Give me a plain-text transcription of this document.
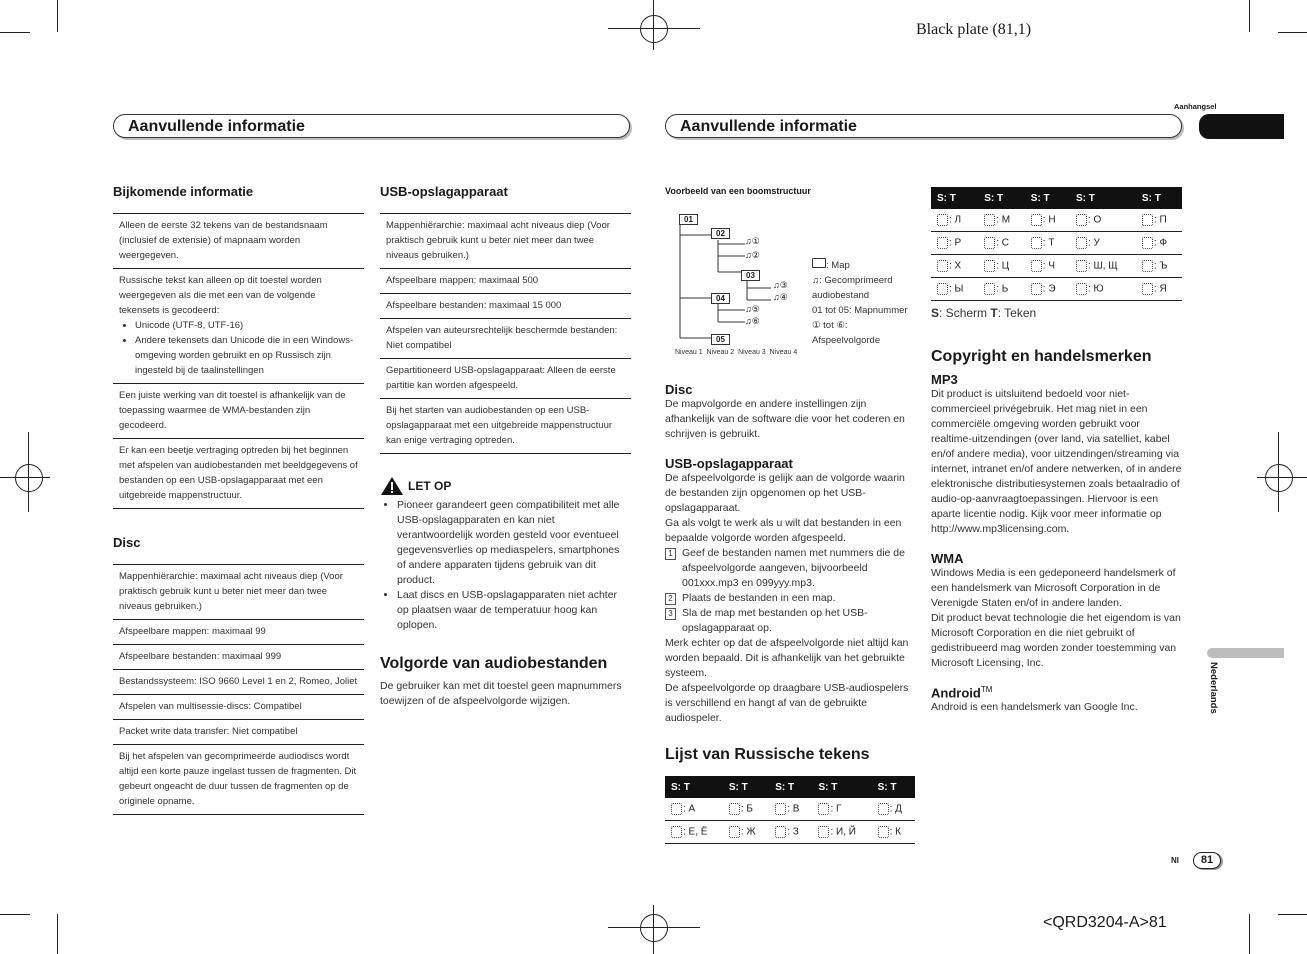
Black plate (81,1)
Aanhangsel
Aanvullende informatie	Aanvullende informatie
Bijkomende informatie
Alleen de eerste 32 tekens van de bestandsnaam (inclusief de extensie) of mapnaam worden weergegeven.
Russische tekst kan alleen op dit toestel worden weergegeven als die met een van de volgende tekensets is gecodeerd:
• Unicode (UTF-8, UTF-16)
• Andere tekensets dan Unicode die in een Windows-omgeving worden gebruikt en op Russisch zijn ingesteld bij de taalinstellingen
Een juiste werking van dit toestel is afhankelijk van de toepassing waarmee de WMA-bestanden zijn gecodeerd.
Er kan een beetje vertraging optreden bij het beginnen met afspelen van audiobestanden met beeldgegevens of bestanden op een USB-opslagapparaat met een uitgebreide mappenstructuur.
Disc
Mappenhiërarchie: maximaal acht niveaus diep (Voor praktisch gebruik kunt u beter niet meer dan twee niveaus gebruiken.)
Afspeelbare mappen: maximaal 99
Afspeelbare bestanden: maximaal 999
Bestandssysteem: ISO 9660 Level 1 en 2, Romeo, Joliet
Afspelen van multisessie-discs: Compatibel
Packet write data transfer: Niet compatibel
Bij het afspelen van gecomprimeerde audiodiscs wordt altijd een korte pauze ingelast tussen de fragmenten. Dit gebeurt ongeacht de duur tussen de fragmenten op de originele opname.
USB-opslagapparaat
Mappenhiërarchie: maximaal acht niveaus diep (Voor praktisch gebruik kunt u beter niet meer dan twee niveaus gebruiken.)
Afspeelbare mappen: maximaal 500
Afspeelbare bestanden: maximaal 15 000
Afspelen van auteursrechtelijk beschermde bestanden: Niet compatibel
Gepartitioneerd USB-opslagapparaat: Alleen de eerste partitie kan worden afgespeeld.
Bij het starten van audiobestanden op een USB-opslagapparaat met een uitgebreide mappenstructuur kan enige vertraging optreden.
LET OP
• Pioneer garandeert geen compatibiliteit met alle USB-opslagapparaten en kan niet verantwoordelijk worden gesteld voor eventueel gegevensverlies op mediaspelers, smartphones of andere apparaten tijdens gebruik van dit product.
• Laat discs en USB-opslagapparaten niet achter op plaatsen waar de temperatuur hoog kan oplopen.
Volgorde van audiobestanden
De gebruiker kan met dit toestel geen mapnummers toewijzen of de afspeelvolgorde wijzigen.
Voorbeeld van een boomstructuur
01
02
03
04
05
♫①
♫②
♫③
♫④
♫⑤
♫⑥
Niveau 1 Niveau 2 Niveau 3 Niveau 4
: Map
♫: Gecomprimeerd audiobestand
01 tot 05: Mapnummer
① tot ⑥: Afspeelvolgorde
Disc
De mapvolgorde en andere instellingen zijn afhankelijk van de software die voor het coderen en schrijven is gebruikt.
USB-opslagapparaat

De afspeelvolgorde is gelijk aan de volgorde waarin de bestanden zijn opgenomen op het USB-opslagapparaat.

Ga als volgt te werk als u wilt dat bestanden in een bepaalde volgorde worden afgespeeld.

1 Geef de bestanden namen met nummers die de afspeelvolgorde aangeven, bijvoorbeeld 001xxx.mp3 en 099yyy.mp3.
2 Plaats de bestanden in een map.
3 Sla de map met bestanden op het USB-opslagapparaat op.

Merk echter op dat de afspeelvolgorde niet altijd kan worden bepaald. Dit is afhankelijk van het gebruikte systeem.

De afspeelvolgorde op draagbare USB-audiospelers is verschillend en hangt af van de gebruikte audiospeler.

Lijst van Russische tekens
S: T	S: T	S: T	S: T	S: T
: А	: Б	: В	: Г	: Д
: Е, Ё	: Ж	: З	: И, Й	: К
S: T	S: T	S: T	S: T	S: T
: Л	: М	: Н	: О	: П
: Р	: С	: Т	: У	: Ф
: Х	: Ц	: Ч	: Ш, Щ	: Ъ
: Ы	: Ь	: Э	: Ю	: Я
S: Scherm T: Teken
Copyright en handelsmerken
MP3
Dit product is uitsluitend bedoeld voor niet-commercieel privégebruik. Het mag niet in een commerciële omgeving worden gebruikt voor realtime-uitzendingen (over land, via satelliet, kabel en/of andere media), voor uitzendingen/streaming via internet, intranet en/of andere netwerken, of in andere elektronische distributiesystemen zoals betaalradio of audio-op-aanvraagtoepassingen. Hiervoor is een aparte licentie nodig. Kijk voor meer informatie op http://www.mp3licensing.com.
WMA

Windows Media is een gedeponeerd handelsmerk of een handelsmerk van Microsoft Corporation in de Verenigde Staten en/of in andere landen.

Dit product bevat technologie die het eigendom is van Microsoft Corporation en die niet gebruikt of gedistribueerd mag worden zonder toestemming van Microsoft Licensing, Inc.

Android™
Android is een handelsmerk van Google Inc.	Nederlands
Nl	81
<QRD3204-A>81
